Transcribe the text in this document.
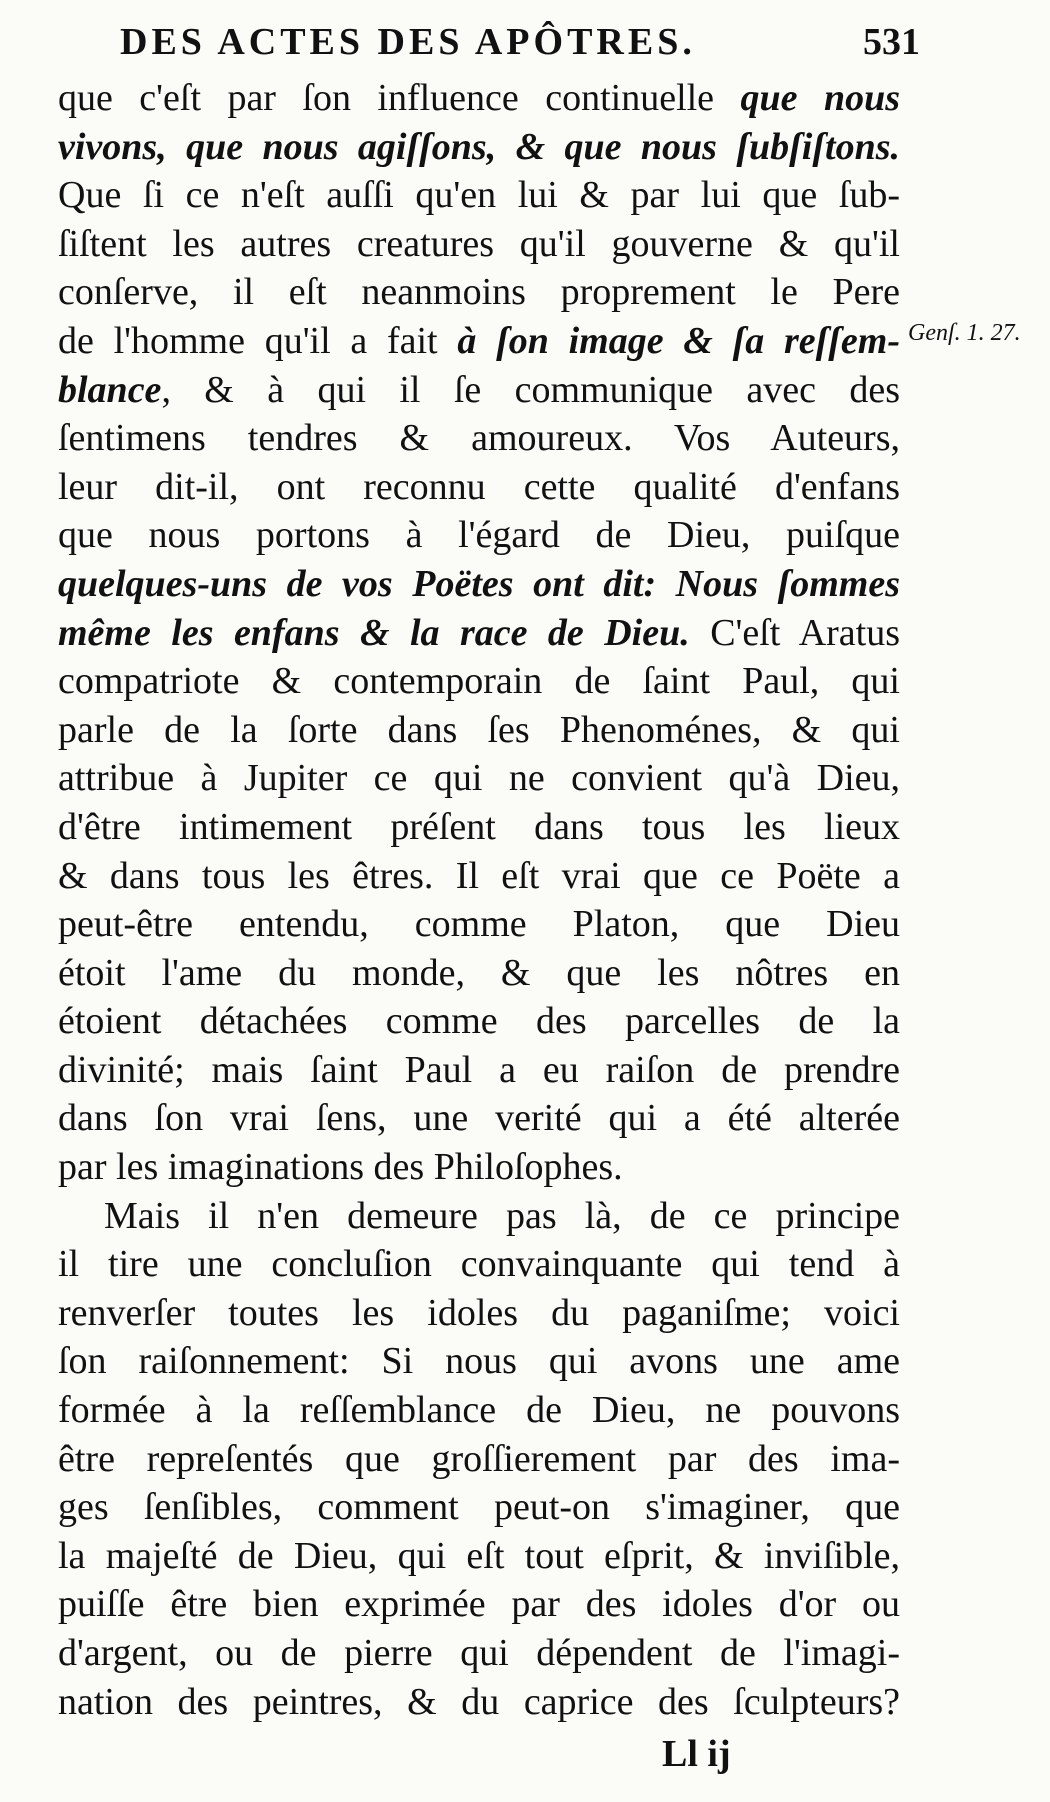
DES ACTES DES APÔTRES.	531
que c'eſt par ſon influence continuelle que nous
vivons, que nous agiſſons, & que nous ſubſiſtons.
Que ſi ce n'eſt auſſi qu'en lui & par lui que ſub-
ſiſtent les autres creatures qu'il gouverne & qu'il
conſerve, il eſt neanmoins proprement le Pere
de l'homme qu'il a fait à ſon image & ſa reſſem-
blance, & à qui il ſe communique avec des
ſentimens tendres & amoureux. Vos Auteurs,
leur dit-il, ont reconnu cette qualité d'enfans
que nous portons à l'égard de Dieu, puiſque
quelques-uns de vos Poëtes ont dit: Nous ſommes
même les enfans & la race de Dieu. C'eſt Aratus
compatriote & contemporain de ſaint Paul, qui
parle de la ſorte dans ſes Phenoménes, & qui
attribue à Jupiter ce qui ne convient qu'à Dieu,
d'être intimement préſent dans tous les lieux
& dans tous les êtres. Il eſt vrai que ce Poëte a
peut-être entendu, comme Platon, que Dieu
étoit l'ame du monde, & que les nôtres en
étoient détachées comme des parcelles de la
divinité; mais ſaint Paul a eu raiſon de prendre
dans ſon vrai ſens, une verité qui a été alterée
par les imaginations des Philoſophes.
Mais il n'en demeure pas là, de ce principe
il tire une concluſion convainquante qui tend à
renverſer toutes les idoles du paganiſme; voici
ſon raiſonnement: Si nous qui avons une ame
formée à la reſſemblance de Dieu, ne pouvons
être repreſentés que groſſierement par des ima-
ges ſenſibles, comment peut-on s'imaginer, que
la majeſté de Dieu, qui eſt tout eſprit, & inviſible,
puiſſe être bien exprimée par des idoles d'or ou
d'argent, ou de pierre qui dépendent de l'imagi-
nation des peintres, & du caprice des ſculpteurs?
Genſ. 1. 27.
Ll ij
